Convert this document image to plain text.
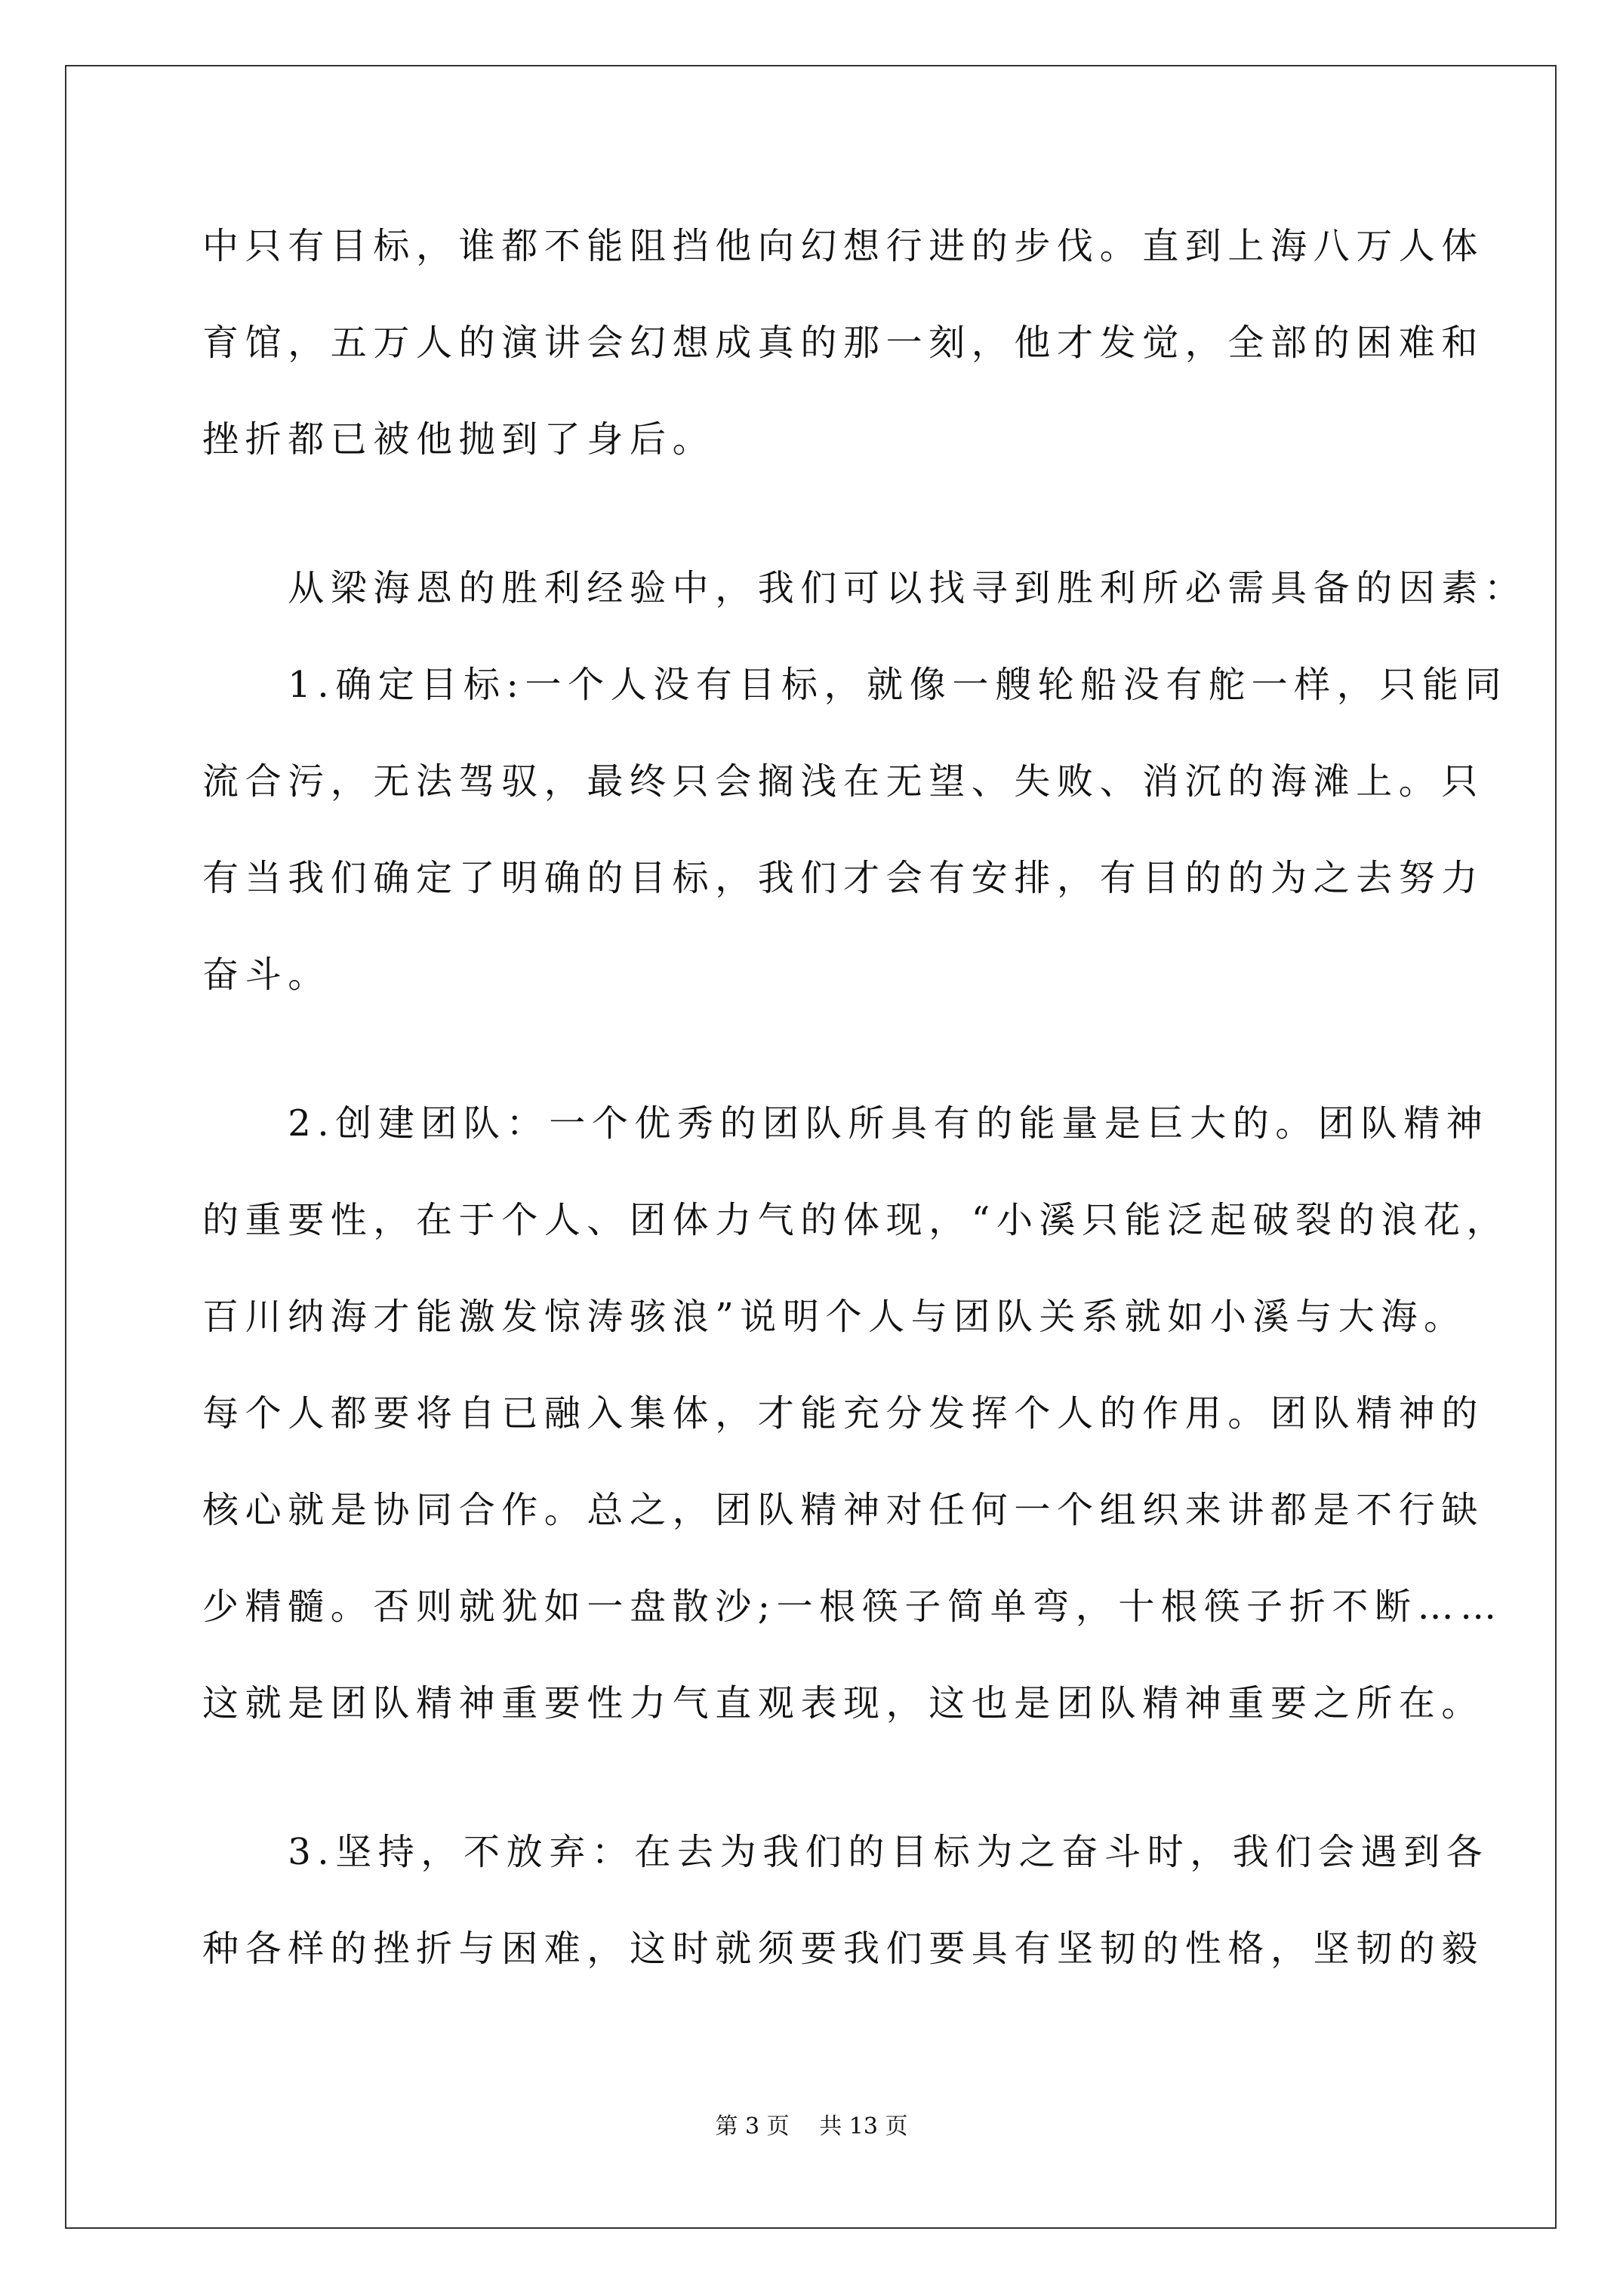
中只有目标，谁都不能阻挡他向幻想行进的步伐。直到上海八万人体
育馆，五万人的演讲会幻想成真的那一刻，他才发觉，全部的困难和
挫折都已被他抛到了身后。
　　从梁海恩的胜利经验中，我们可以找寻到胜利所必需具备的因素：
　　1.确定目标:一个人没有目标，就像一艘轮船没有舵一样，只能同
流合污，无法驾驭，最终只会搁浅在无望、失败、消沉的海滩上。只
有当我们确定了明确的目标，我们才会有安排，有目的的为之去努力
奋斗。
　　2.创建团队：一个优秀的团队所具有的能量是巨大的。团队精神
的重要性，在于个人、团体力气的体现，“小溪只能泛起破裂的浪花，
百川纳海才能激发惊涛骇浪”说明个人与团队关系就如小溪与大海。
每个人都要将自已融入集体，才能充分发挥个人的作用。团队精神的
核心就是协同合作。总之，团队精神对任何一个组织来讲都是不行缺
少精髓。否则就犹如一盘散沙;一根筷子简单弯，十根筷子折不断……
这就是团队精神重要性力气直观表现，这也是团队精神重要之所在。
　　3.坚持，不放弃：在去为我们的目标为之奋斗时，我们会遇到各
种各样的挫折与困难，这时就须要我们要具有坚韧的性格，坚韧的毅
第 3 页　 共 13 页
